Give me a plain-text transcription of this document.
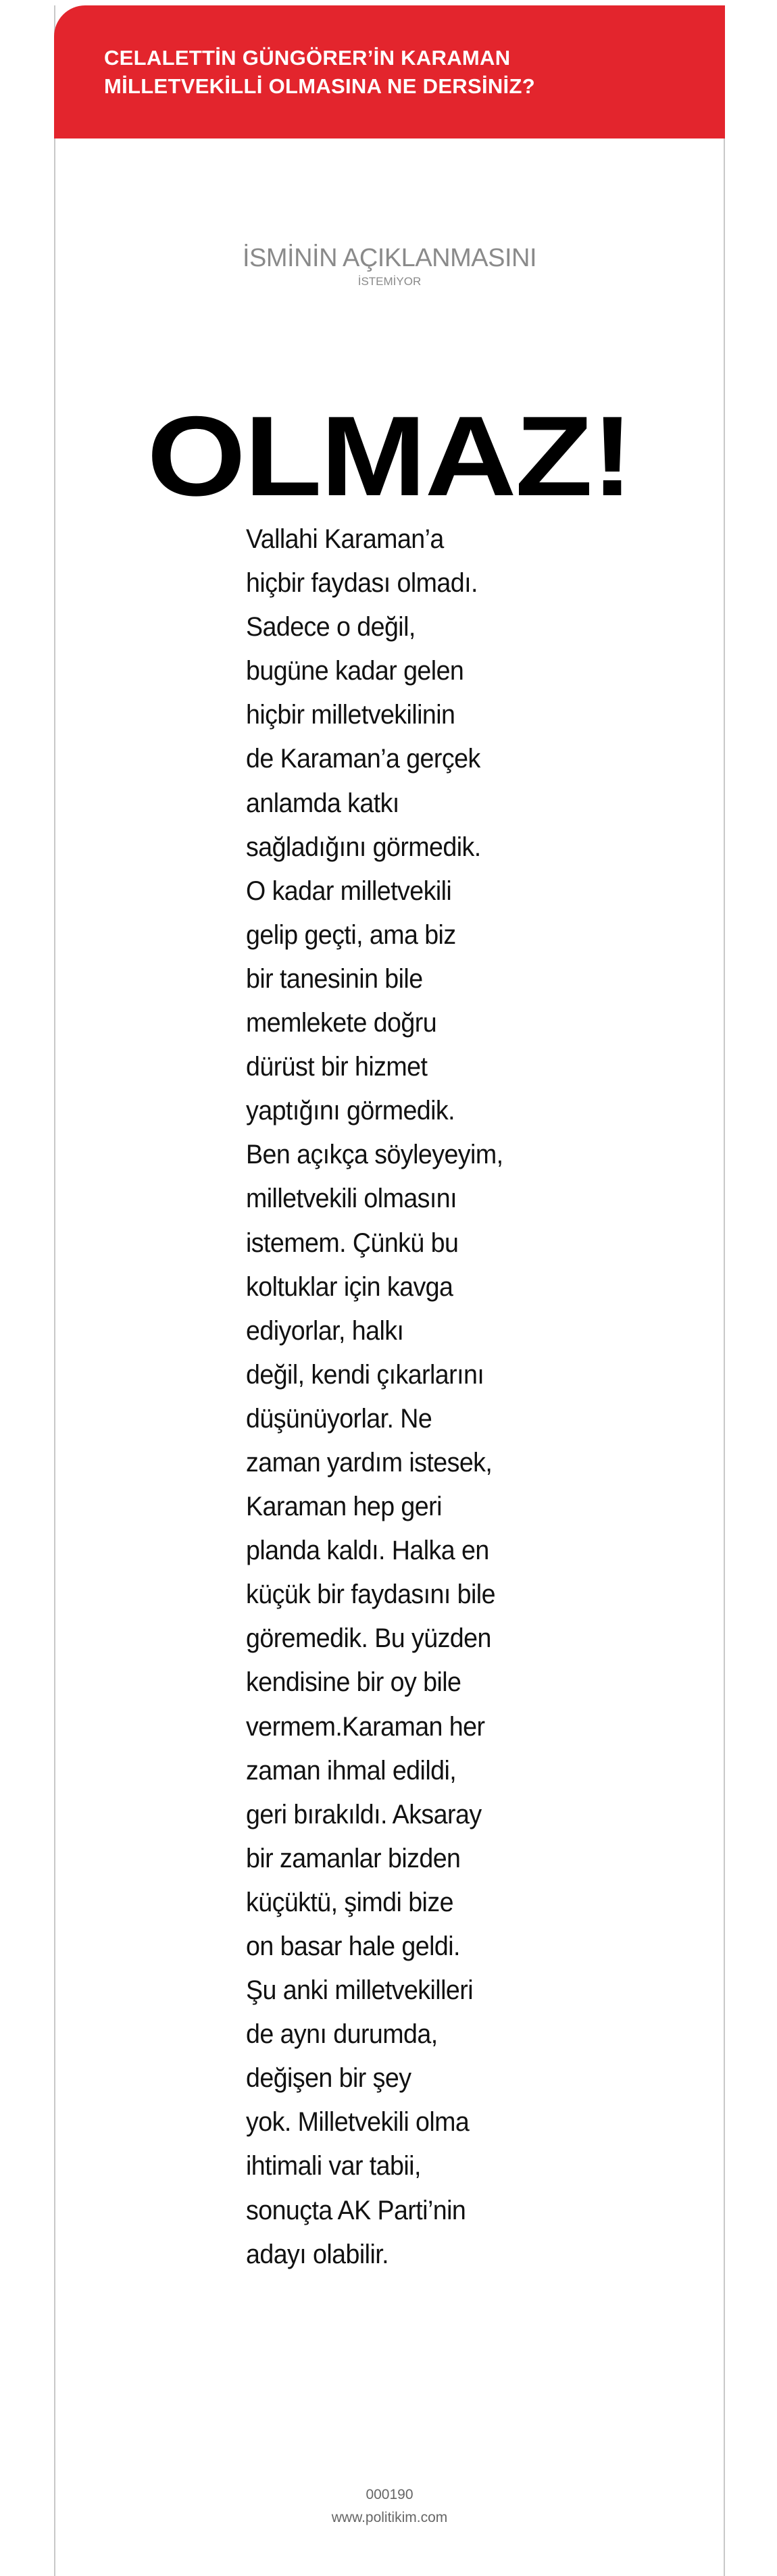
CELALETTİN GÜNGÖRER’İN KARAMAN
MİLLETVEKİLLİ OLMASINA NE DERSİNİZ?
İSMİNİN AÇIKLANMASINI
İSTEMİYOR
OLMAZ!
Vallahi Karaman’a
hiçbir faydası olmadı.
Sadece o değil,
bugüne kadar gelen
hiçbir milletvekilinin
de Karaman’a gerçek
anlamda katkı
sağladığını görmedik.
O kadar milletvekili
gelip geçti, ama biz
bir tanesinin bile
memlekete doğru
dürüst bir hizmet
yaptığını görmedik.
Ben açıkça söyleyeyim,
milletvekili olmasını
istemem. Çünkü bu
koltuklar için kavga
ediyorlar, halkı
değil, kendi çıkarlarını
düşünüyorlar. Ne
zaman yardım istesek,
Karaman hep geri
planda kaldı. Halka en
küçük bir faydasını bile
göremedik. Bu yüzden
kendisine bir oy bile
vermem.Karaman her
zaman ihmal edildi,
geri bırakıldı. Aksaray
bir zamanlar bizden
küçüktü, şimdi bize
on basar hale geldi.
Şu anki milletvekilleri
de aynı durumda,
değişen bir şey
yok. Milletvekili olma
ihtimali var tabii,
sonuçta AK Parti’nin
adayı olabilir.
000190
www.politikim.com
